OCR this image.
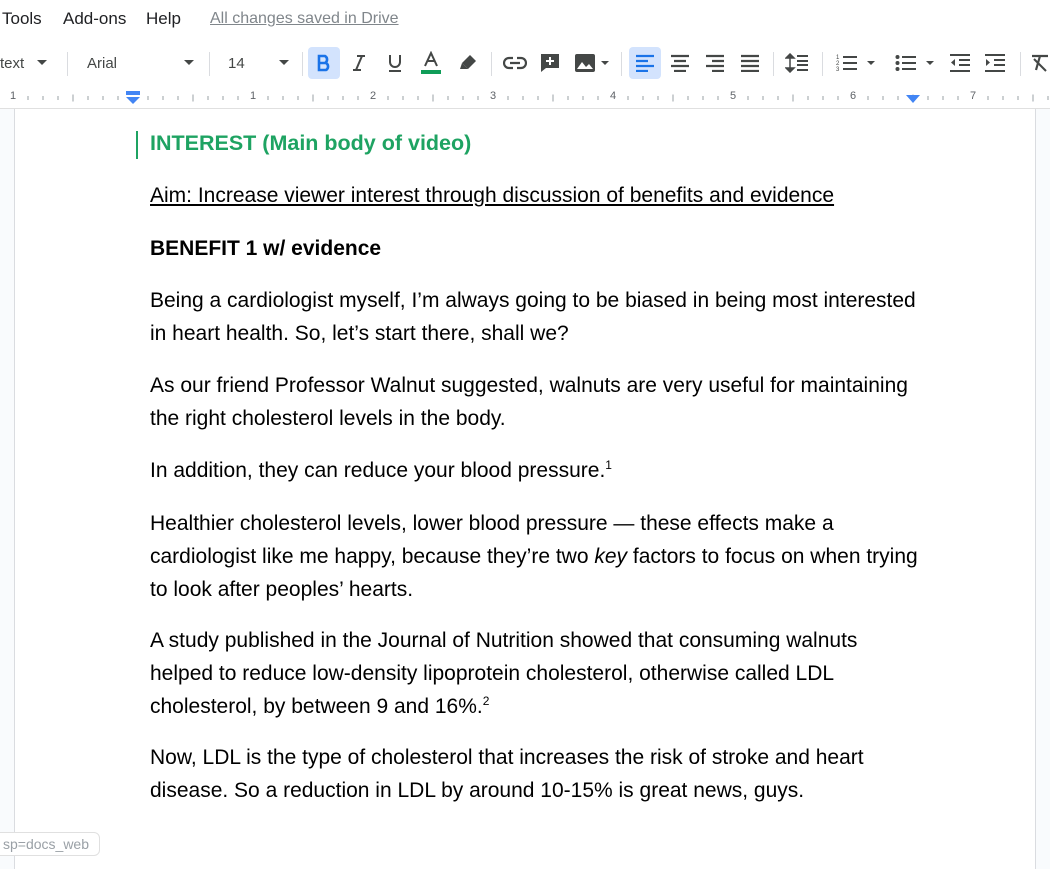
Tools Add-ons Help All changes saved in Drive
text	Arial	14	1
2
3
1	1	2	3	4	5	6	7

INTEREST (Main body of video)

Aim: Increase viewer interest through discussion of benefits and evidence

BENEFIT 1 w/ evidence

Being a cardiologist myself, I’m always going to be biased in being most interested in heart health. So, let’s start there, shall we?

As our friend Professor Walnut suggested, walnuts are very useful for maintaining the right cholesterol levels in the body.

In addition, they can reduce your blood pressure.$^1$

Healthier cholesterol levels, lower blood pressure — these effects make a cardiologist like me happy, because they’re two key factors to focus on when trying to look after peoples’ hearts.

A study published in the Journal of Nutrition showed that consuming walnuts helped to reduce low-density lipoprotein cholesterol, otherwise called LDL cholesterol, by between 9 and 16%.$^2$

Now, LDL is the type of cholesterol that increases the risk of stroke and heart disease. So a reduction in LDL by around 10-15% is great news, guys.

sp=docs_web
